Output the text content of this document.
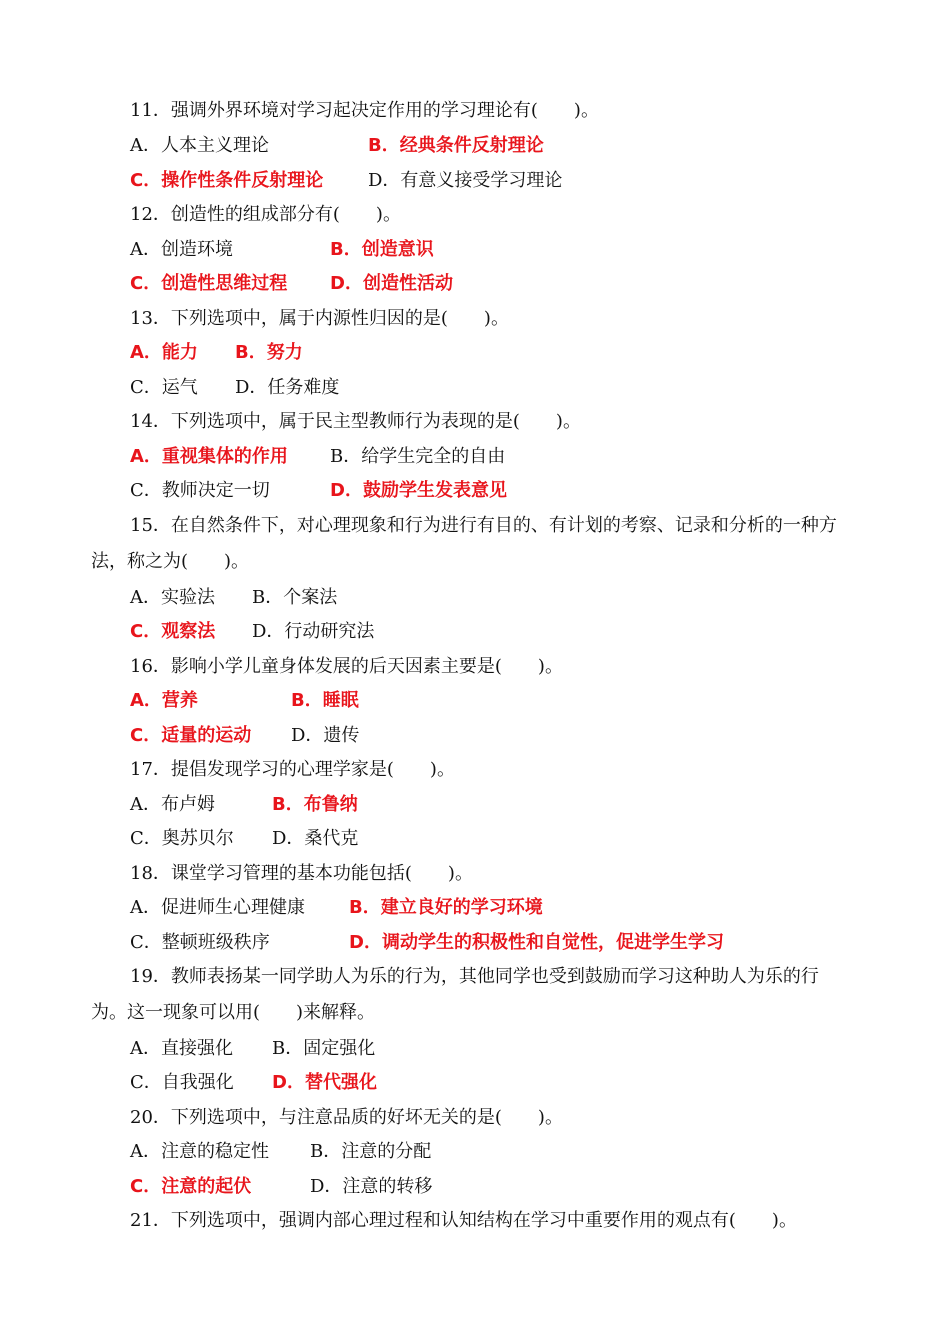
11．强调外界环境对学习起决定作用的学习理论有(　　)。
A．人本主义理论	B．经典条件反射理论
C．操作性条件反射理论 D．有意义接受学习理论
12．创造性的组成部分有(　　)。
A．创造环境	B．创造意识
C．创造性思维过程 D．创造性活动
13．下列选项中，属于内源性归因的是(　　)。
A．能力 B．努力
C．运气 D．任务难度
14．下列选项中，属于民主型教师行为表现的是(　　)。
A．重视集体的作用 B．给学生完全的自由
C．教师决定一切	D．鼓励学生发表意见
15．在自然条件下，对心理现象和行为进行有目的、有计划的考察、记录和分析的一种方
法，称之为(　　)。
A．实验法 B．个案法
C．观察法 D．行动研究法
16．影响小学儿童身体发展的后天因素主要是(　　)。
A．营养	B．睡眠
C．适量的运动 D．遗传
17．提倡发现学习的心理学家是(　　)。
A．布卢姆	B．布鲁纳
C．奥苏贝尔 D．桑代克
18．课堂学习管理的基本功能包括(　　)。
A．促进师生心理健康 B．建立良好的学习环境
C．整顿班级秩序	D．调动学生的积极性和自觉性，促进学生学习
19．教师表扬某一同学助人为乐的行为，其他同学也受到鼓励而学习这种助人为乐的行
为。这一现象可以用(　　)来解释。
A．直接强化 B．固定强化
C．自我强化 D．替代强化
20．下列选项中，与注意品质的好坏无关的是(　　)。
A．注意的稳定性 B．注意的分配
C．注意的起伏	D．注意的转移
21．下列选项中，强调内部心理过程和认知结构在学习中重要作用的观点有(　　)。
